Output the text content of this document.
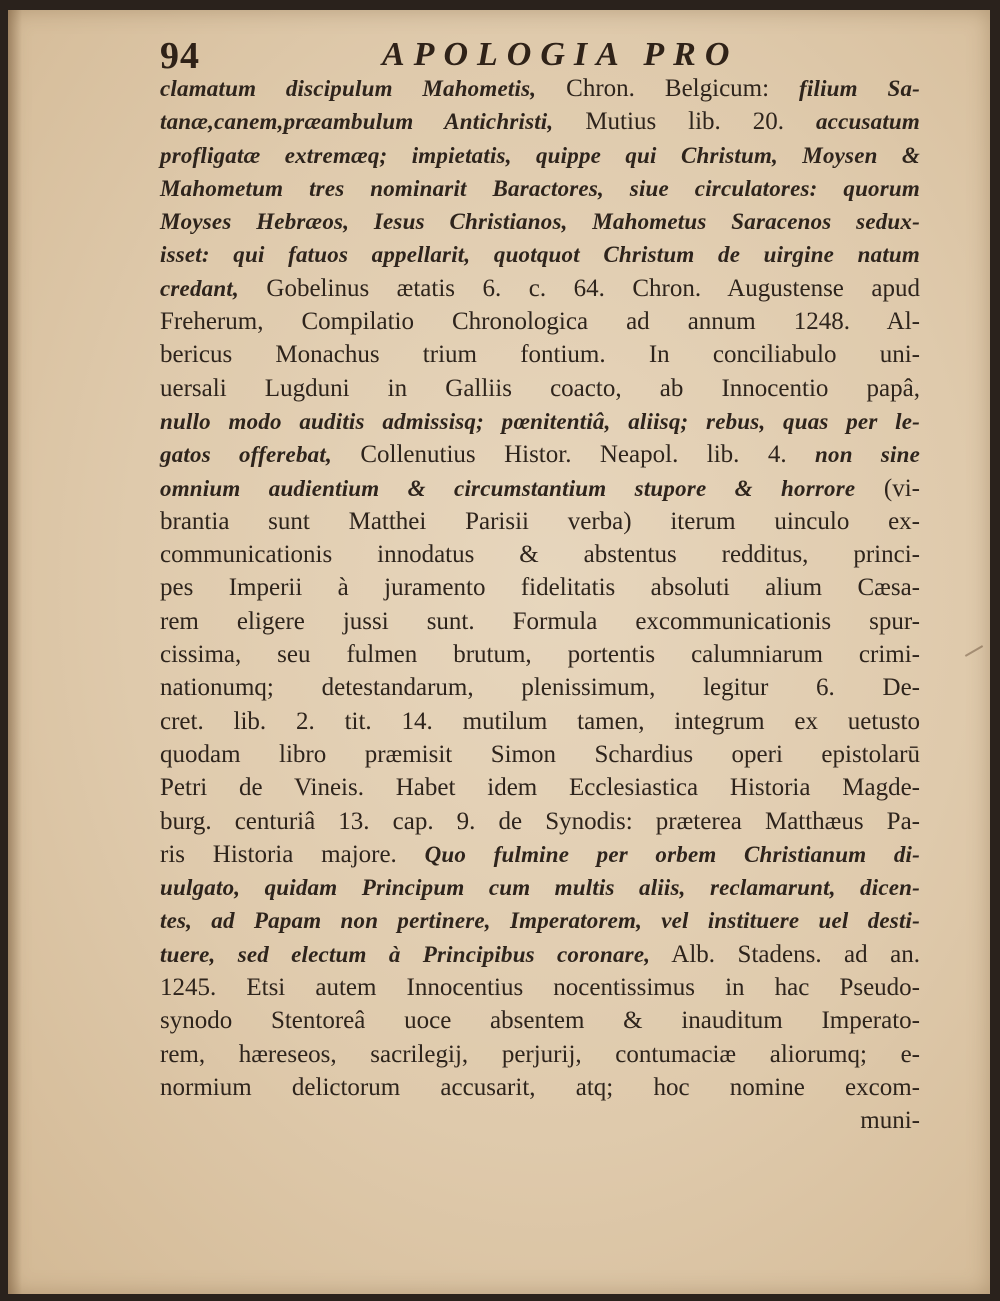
94	APOLOGIA PRO
clamatum discipulum Mahometis, Chron. Belgicum: filium Sa-
tanæ,canem,præambulum Antichristi, Mutius lib. 20. accusatum
profligatæ extremæq; impietatis, quippe qui Christum, Moysen &
Mahometum tres nominarit Baractores, siue circulatores: quorum
Moyses Hebræos, Iesus Christianos, Mahometus Saracenos sedux-
isset: qui fatuos appellarit, quotquot Christum de uirgine natum
credant, Gobelinus ætatis 6. c. 64. Chron. Augustense apud
Freherum, Compilatio Chronologica ad annum 1248. Al-
bericus Monachus trium fontium. In conciliabulo uni-
uersali Lugduni in Galliis coacto, ab Innocentio papâ,
nullo modo auditis admissisq; pœnitentiâ, aliisq; rebus, quas per le-
gatos offerebat, Collenutius Histor. Neapol. lib. 4. non sine
omnium audientium & circumstantium stupore & horrore (vi-
brantia sunt Matthei Parisii verba) iterum uinculo ex-
communicationis innodatus & abstentus redditus, princi-
pes Imperii à juramento fidelitatis absoluti alium Cæsa-
rem eligere jussi sunt. Formula excommunicationis spur-
cissima, seu fulmen brutum, portentis calumniarum crimi-
nationumq; detestandarum, plenissimum, legitur 6. De-
cret. lib. 2. tit. 14. mutilum tamen, integrum ex uetusto
quodam libro præmisit Simon Schardius operi epistolarū
Petri de Vineis. Habet idem Ecclesiastica Historia Magde-
burg. centuriâ 13. cap. 9. de Synodis: præterea Matthæus Pa-
ris Historia majore. Quo fulmine per orbem Christianum di-
uulgato, quidam Principum cum multis aliis, reclamarunt, dicen-
tes, ad Papam non pertinere, Imperatorem, vel instituere uel desti-
tuere, sed electum à Principibus coronare, Alb. Stadens. ad an.
1245. Etsi autem Innocentius nocentissimus in hac Pseudo-
synodo Stentoreâ uoce absentem & inauditum Imperato-
rem, hæreseos, sacrilegij, perjurij, contumaciæ aliorumq; e-
normium delictorum accusarit, atq; hoc nomine excom-
muni-
